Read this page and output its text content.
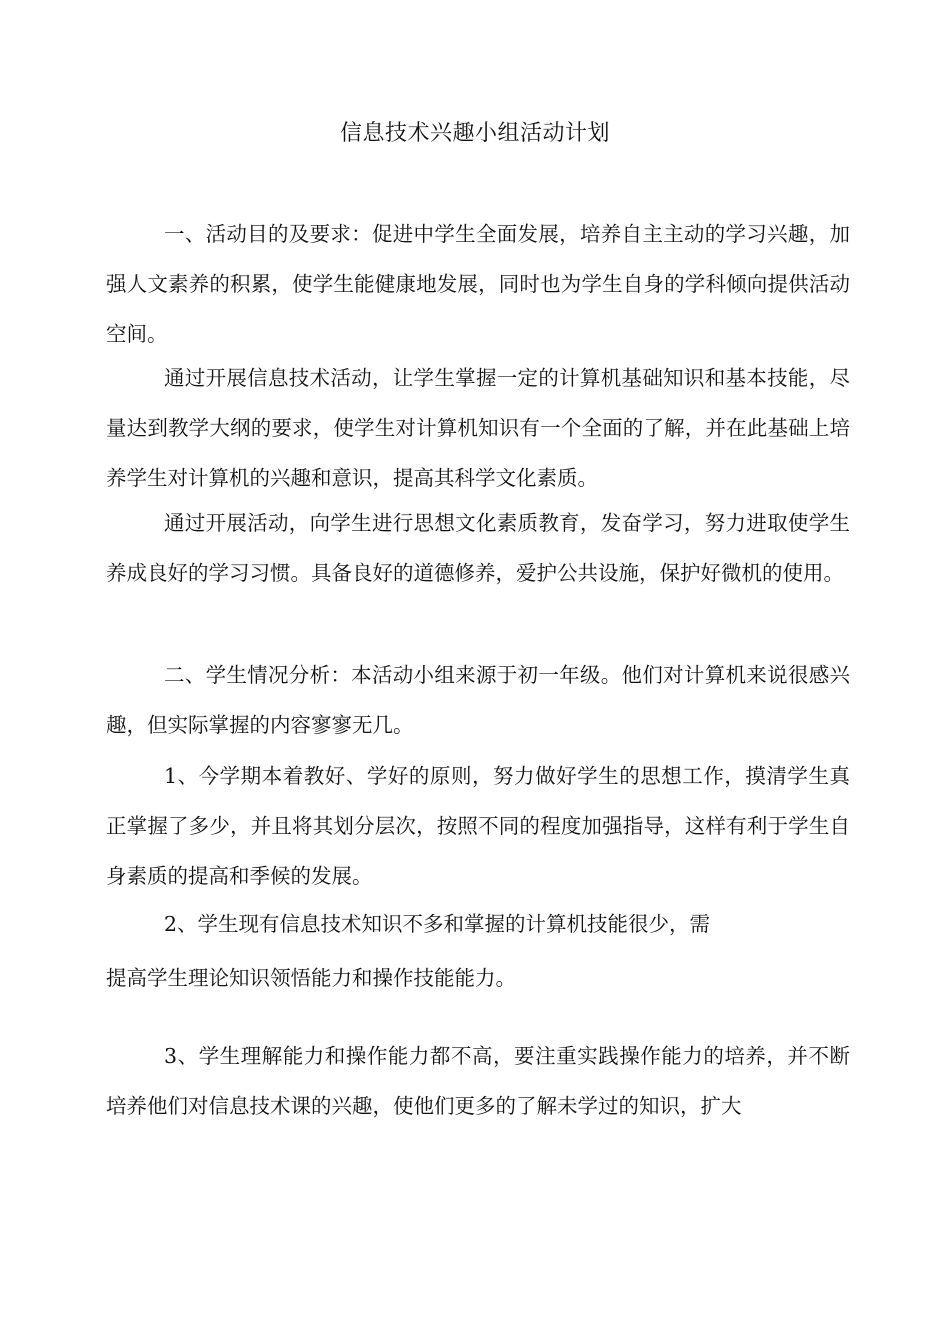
信息技术兴趣小组活动计划

一、活动目的及要求：促进中学生全面发展，培养自主主动的学习兴趣，加强人文素养的积累，使学生能健康地发展，同时也为学生自身的学科倾向提供活动空间。

通过开展信息技术活动，让学生掌握一定的计算机基础知识和基本技能，尽量达到教学大纲的要求，使学生对计算机知识有一个全面的了解，并在此基础上培养学生对计算机的兴趣和意识，提高其科学文化素质。

通过开展活动，向学生进行思想文化素质教育，发奋学习，努力进取使学生养成良好的学习习惯。具备良好的道德修养，爱护公共设施，保护好微机的使用。

二、学生情况分析：本活动小组来源于初一年级。他们对计算机来说很感兴趣，但实际掌握的内容寥寥无几。

1、今学期本着教好、学好的原则，努力做好学生的思想工作，摸清学生真正掌握了多少，并且将其划分层次，按照不同的程度加强指导，这样有利于学生自身素质的提高和季候的发展。

2、学生现有信息技术知识不多和掌握的计算机技能很少，需

提高学生理论知识领悟能力和操作技能能力。

3、学生理解能力和操作能力都不高，要注重实践操作能力的培养，并不断培养他们对信息技术课的兴趣，使他们更多的了解未学过的知识，扩大
